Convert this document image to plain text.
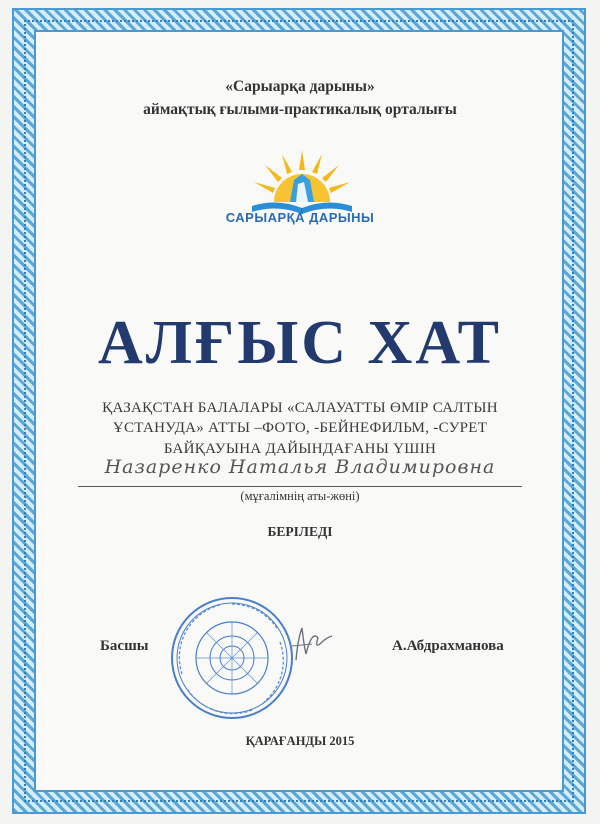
«Сарыарқа дарыны»
аймақтық ғылыми-практикалық орталығы
САРЫАРҚА ДАРЫНЫ
АЛҒЫС ХАТ
ҚАЗАҚСТАН БАЛАЛАРЫ «САЛАУАТТЫ ӨМІР САЛТЫН
ҰСТАНУДА» АТТЫ –ФОТО, -БЕЙНЕФИЛЬМ, -СУРЕТ
БАЙҚАУЫНА ДАЙЫНДАҒАНЫ ҮШІН
Назаренко Наталья Владимировна
(мұғалімнің аты-жөні)
БЕРІЛЕДІ
Басшы	А.Абдрахманова
ҚАРАҒАНДЫ 2015
